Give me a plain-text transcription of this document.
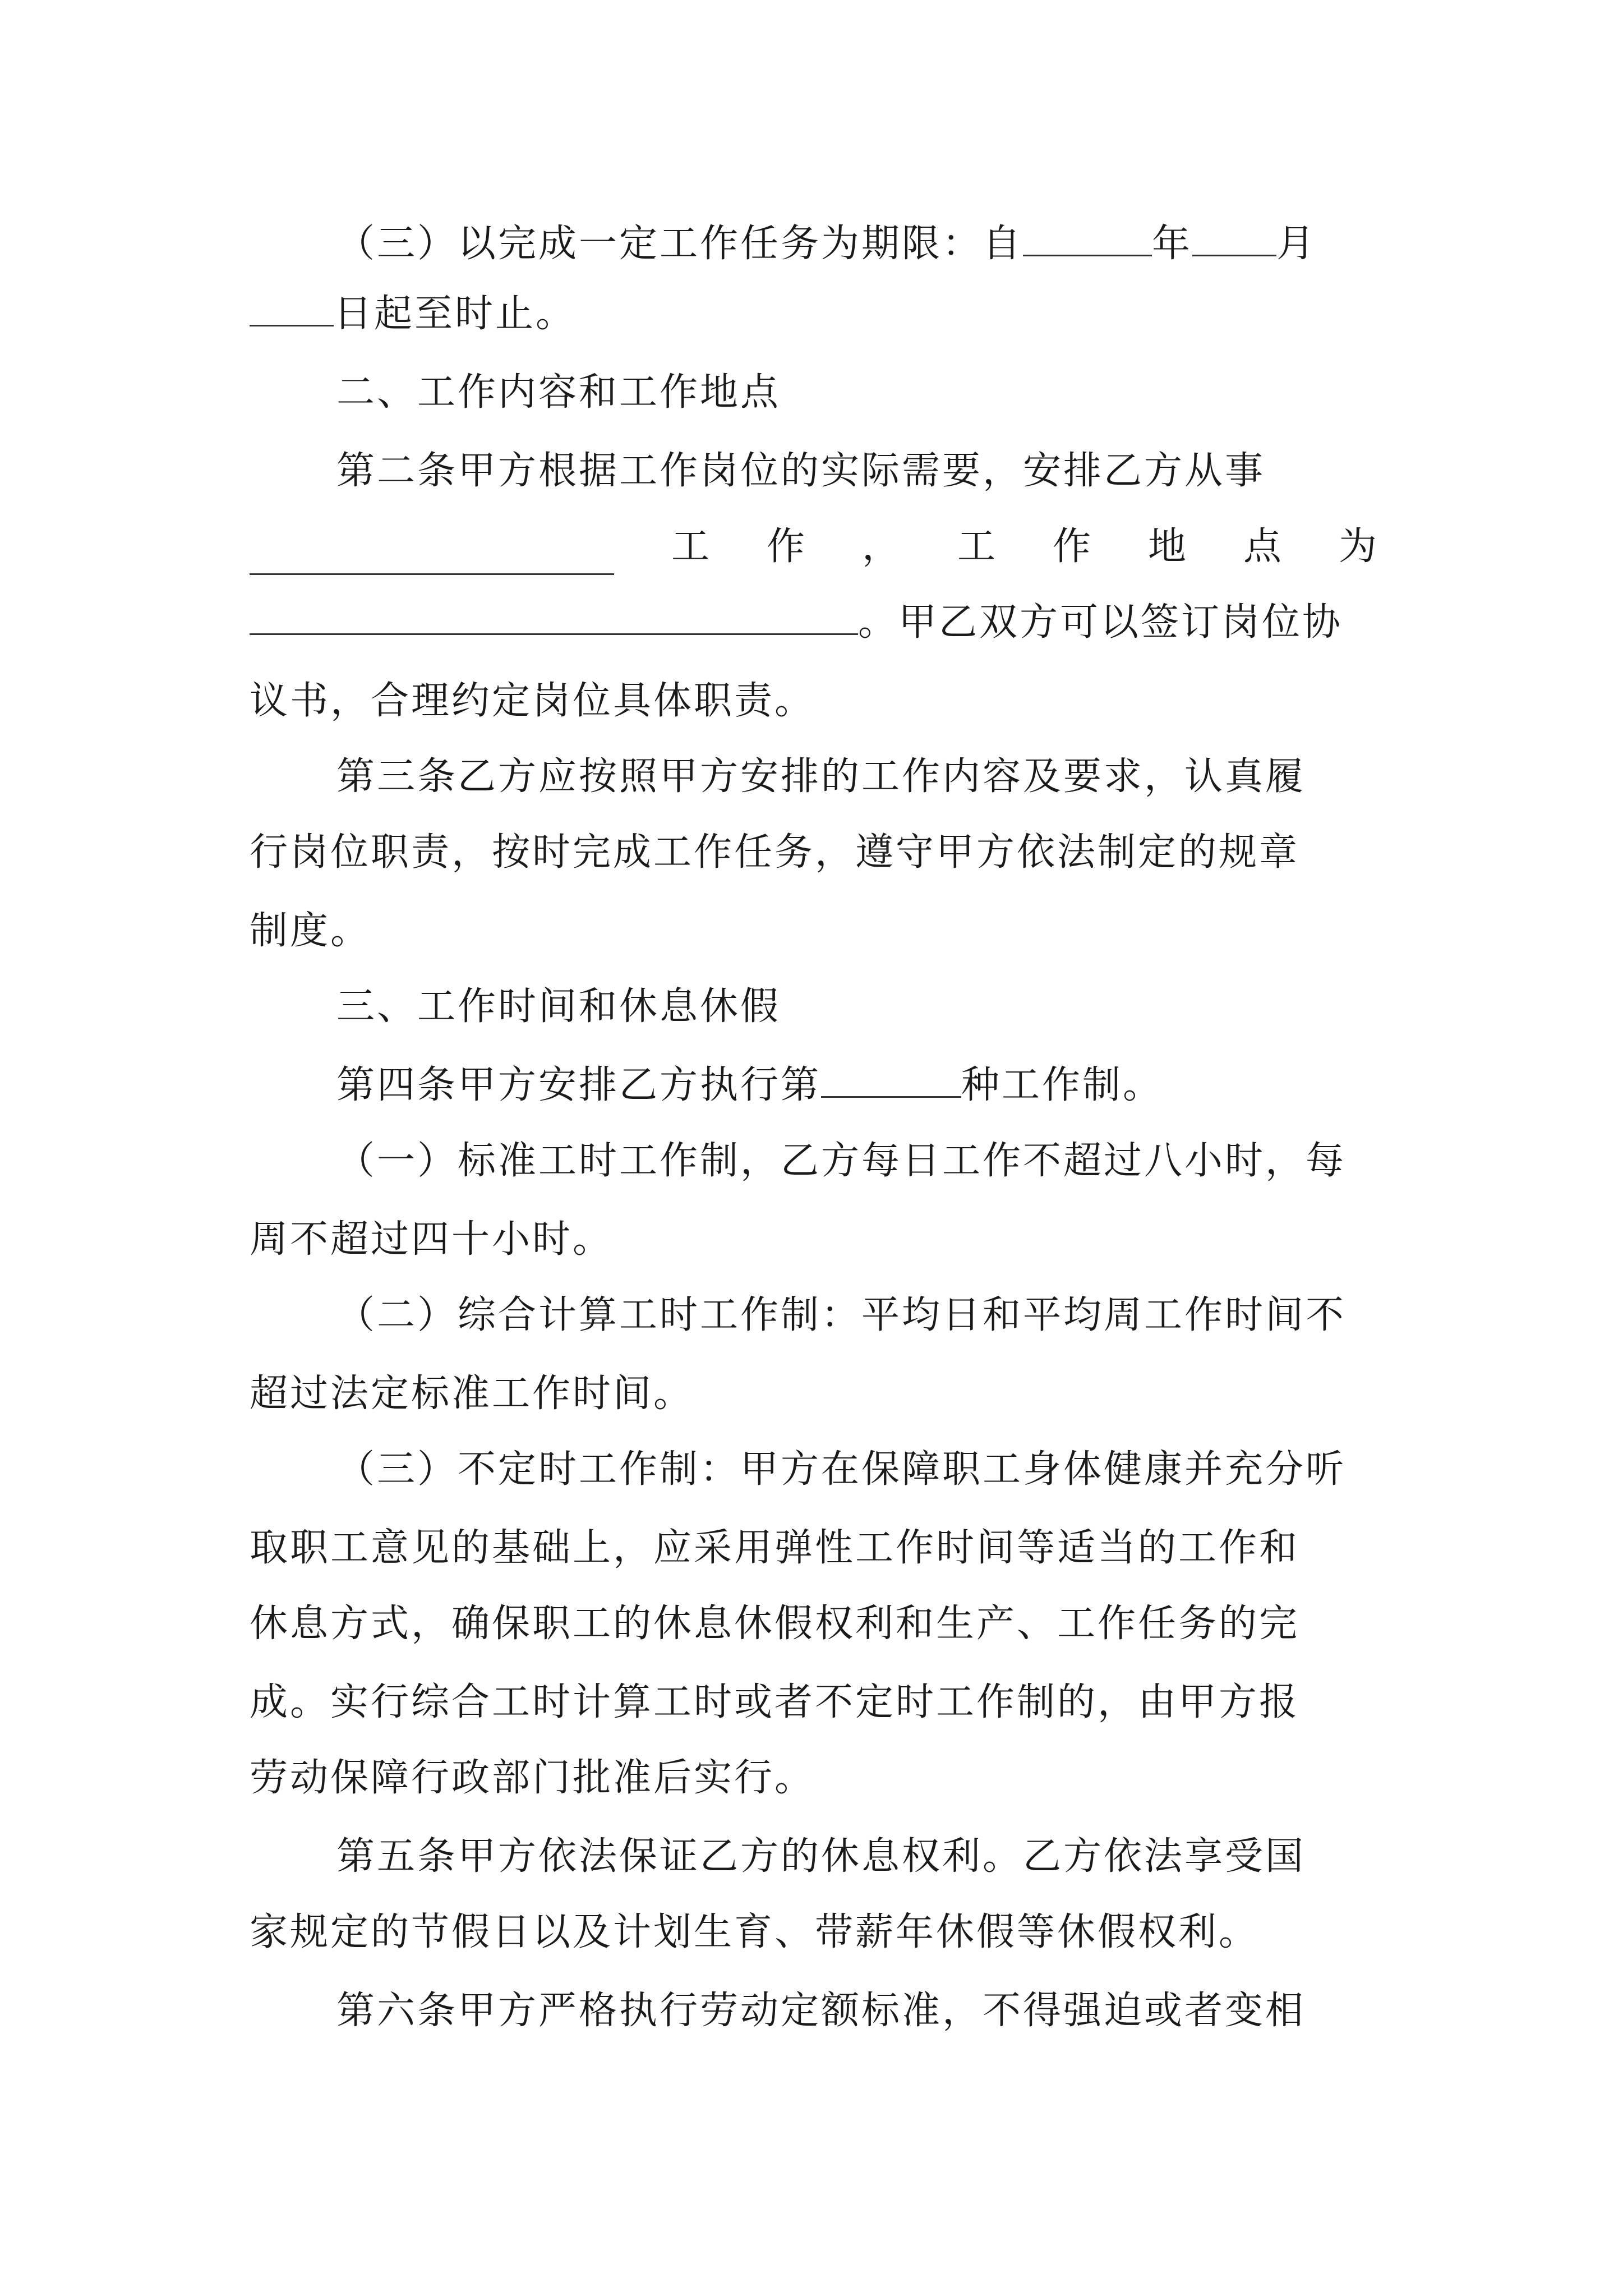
（三）以完成一定工作任务为期限：自	年 月

日起至时止。

二、工作内容和工作地点

第二条甲方根据工作岗位的实际需要，安排乙方从事

工 作 ， 工 作 地 点 为

。甲乙双方可以签订岗位协

议书，合理约定岗位具体职责。

第三条乙方应按照甲方安排的工作内容及要求，认真履

行岗位职责，按时完成工作任务，遵守甲方依法制定的规章

制度。

三、工作时间和休息休假

第四条甲方安排乙方执行第	种工作制。

（一）标准工时工作制，乙方每日工作不超过八小时，每

周不超过四十小时。

（二）综合计算工时工作制：平均日和平均周工作时间不

超过法定标准工作时间。

（三）不定时工作制：甲方在保障职工身体健康并充分听

取职工意见的基础上，应采用弹性工作时间等适当的工作和

休息方式，确保职工的休息休假权利和生产、工作任务的完

成。实行综合工时计算工时或者不定时工作制的，由甲方报

劳动保障行政部门批准后实行。

第五条甲方依法保证乙方的休息权利。乙方依法享受国

家规定的节假日以及计划生育、带薪年休假等休假权利。

第六条甲方严格执行劳动定额标准，不得强迫或者变相
